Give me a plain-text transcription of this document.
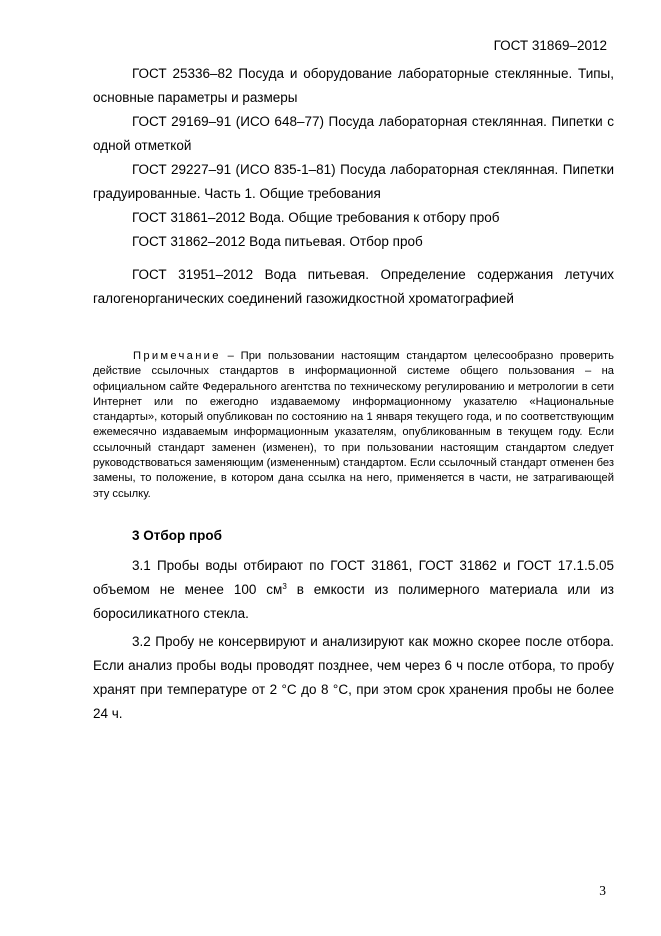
ГОСТ 31869–2012

ГОСТ 25336–82 Посуда и оборудование лабораторные стеклянные. Типы, основные параметры и размеры

ГОСТ 29169–91 (ИСО 648–77) Посуда лабораторная стеклянная. Пипетки с одной отметкой

ГОСТ 29227–91 (ИСО 835-1–81) Посуда лабораторная стеклянная. Пипетки градуированные. Часть 1. Общие требования

ГОСТ 31861–2012 Вода. Общие требования к отбору проб

ГОСТ 31862–2012 Вода питьевая. Отбор проб

ГОСТ 31951–2012 Вода питьевая. Определение содержания летучих галогенорганических соединений газожидкостной хроматографией

Примечание – При пользовании настоящим стандартом целесообразно проверить действие ссылочных стандартов в информационной системе общего пользования – на официальном сайте Федерального агентства по техническому регулированию и метрологии в сети Интернет или по ежегодно издаваемому информационному указателю «Национальные стандарты», который опубликован по состоянию на 1 января текущего года, и по соответствующим ежемесячно издаваемым информационным указателям, опубликованным в текущем году. Если ссылочный стандарт заменен (изменен), то при пользовании настоящим стандартом следует руководствоваться заменяющим (измененным) стандартом. Если ссылочный стандарт отменен без замены, то положение, в котором дана ссылка на него, применяется в части, не затрагивающей эту ссылку.

3 Отбор проб

3.1 Пробы воды отбирают по ГОСТ 31861, ГОСТ 31862 и ГОСТ 17.1.5.05 объемом не менее 100 $см^3$ в емкости из полимерного материала или из боросиликатного стекла.

3.2 Пробу не консервируют и анализируют как можно скорее после отбора. Если анализ пробы воды проводят позднее, чем через 6 ч после отбора, то пробу хранят при температуре от 2 °С до 8 °С, при этом срок хранения пробы не более 24 ч.

3
